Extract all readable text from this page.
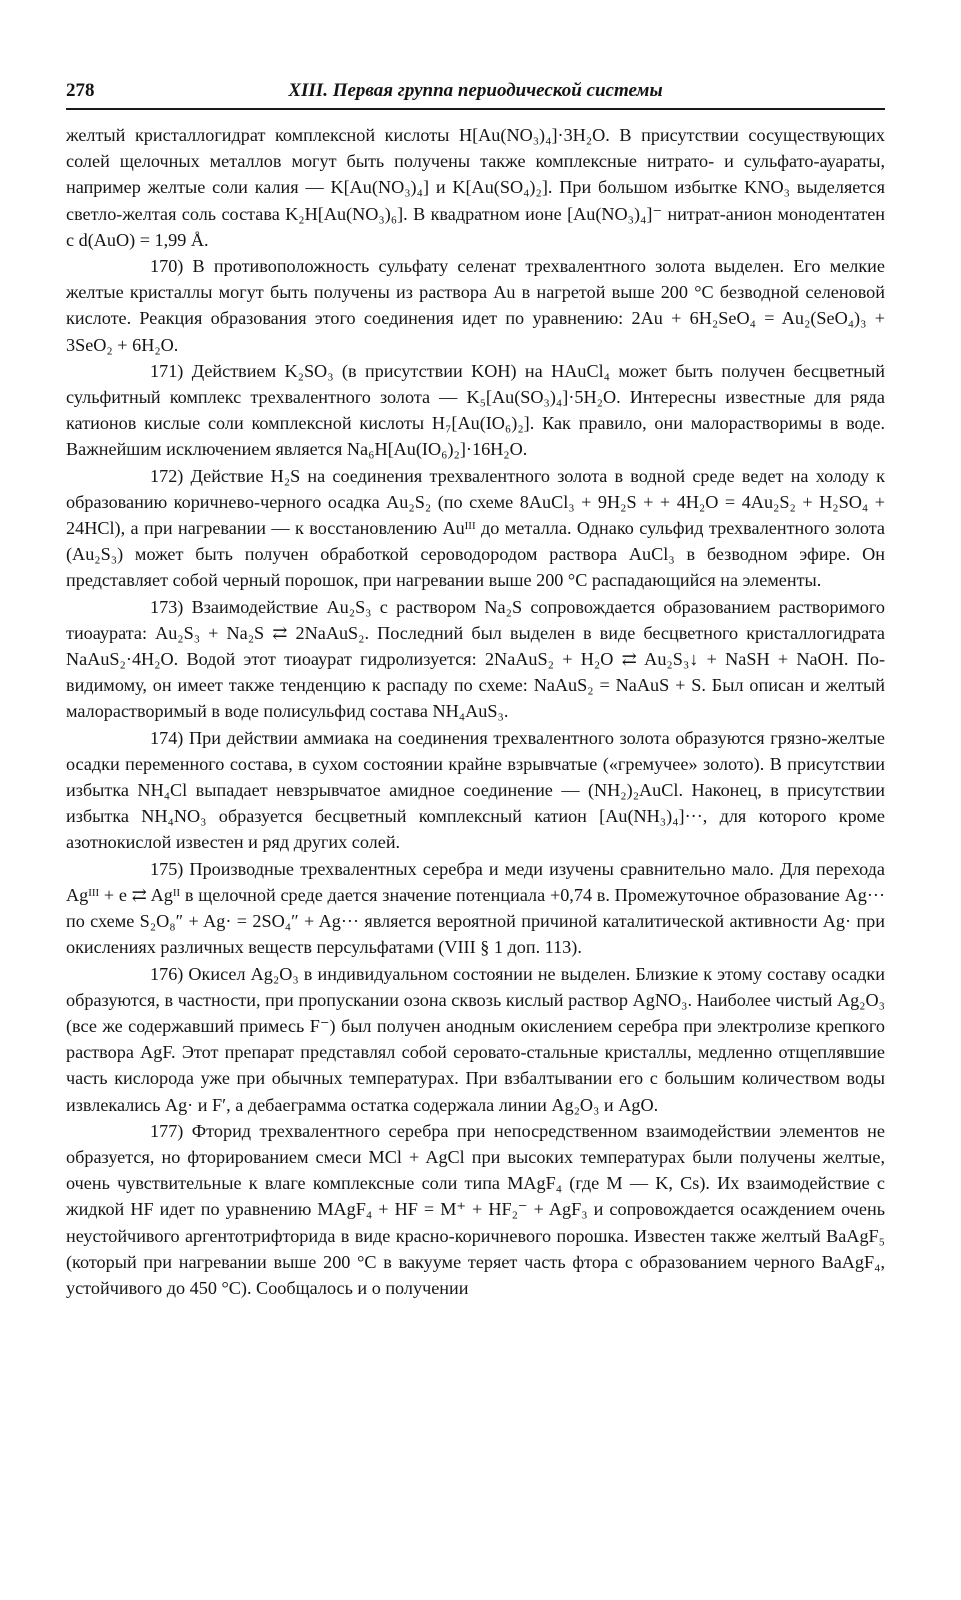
278	XIII. Первая группа периодической системы

желтый кристаллогидрат комплексной кислоты H[Au(NO₃)₄]·3H₂O. В присутствии сосуществующих солей щелочных металлов могут быть получены также комплексные нитрато- и сульфато-ауараты, например желтые соли калия — K[Au(NO₃)₄] и K[Au(SO₄)₂]. При большом избытке KNO₃ выделяется светло-желтая соль состава K₂H[Au(NO₃)₆]. В квадратном ионе [Au(NO₃)₄]⁻ нитрат-анион монодентатен с d(AuO) = 1,99 Å.

170) В противоположность сульфату селенат трехвалентного золота выделен. Его мелкие желтые кристаллы могут быть получены из раствора Au в нагретой выше 200 °C безводной селеновой кислоте. Реакция образования этого соединения идет по уравнению: 2Au + 6H₂SeO₄ = Au₂(SeO₄)₃ + 3SeO₂ + 6H₂O.

171) Действием K₂SO₃ (в присутствии KOH) на HAuCl₄ может быть получен бесцветный сульфитный комплекс трехвалентного золота — K₅[Au(SO₃)₄]·5H₂O. Интересны известные для ряда катионов кислые соли комплексной кислоты H₇[Au(IO₆)₂]. Как правило, они малорастворимы в воде. Важнейшим исключением является Na₆H[Au(IO₆)₂]·16H₂O.

172) Действие H₂S на соединения трехвалентного золота в водной среде ведет на холоду к образованию коричнево-черного осадка Au₂S₂ (по схеме 8AuCl₃ + 9H₂S + + 4H₂O = 4Au₂S₂ + H₂SO₄ + 24HCl), а при нагревании — к восстановлению Auᴵᴵᴵ до металла. Однако сульфид трехвалентного золота (Au₂S₃) может быть получен обработкой сероводородом раствора AuCl₃ в безводном эфире. Он представляет собой черный порошок, при нагревании выше 200 °C распадающийся на элементы.

173) Взаимодействие Au₂S₃ с раствором Na₂S сопровождается образованием растворимого тиоаурата: Au₂S₃ + Na₂S ⇄ 2NaAuS₂. Последний был выделен в виде бесцветного кристаллогидрата NaAuS₂·4H₂O. Водой этот тиоаурат гидролизуется: 2NaAuS₂ + H₂O ⇄ Au₂S₃↓ + NaSH + NaOH. По-видимому, он имеет также тенденцию к распаду по схеме: NaAuS₂ = NaAuS + S. Был описан и желтый малорастворимый в воде полисульфид состава NH₄AuS₃.

174) При действии аммиака на соединения трехвалентного золота образуются грязно-желтые осадки переменного состава, в сухом состоянии крайне взрывчатые («гремучее» золото). В присутствии избытка NH₄Cl выпадает невзрывчатое амидное соединение — (NH₂)₂AuCl. Наконец, в присутствии избытка NH₄NO₃ образуется бесцветный комплексный катион [Au(NH₃)₄]···, для которого кроме азотнокислой известен и ряд других солей.

175) Производные трехвалентных серебра и меди изучены сравнительно мало. Для перехода Agᴵᴵᴵ + e ⇄ Agᴵᴵ в щелочной среде дается значение потенциала +0,74 в. Промежуточное образование Ag··· по схеме S₂O₈″ + Ag· = 2SO₄″ + Ag··· является вероятной причиной каталитической активности Ag· при окислениях различных веществ персульфатами (VIII § 1 доп. 113).

176) Окисел Ag₂O₃ в индивидуальном состоянии не выделен. Близкие к этому составу осадки образуются, в частности, при пропускании озона сквозь кислый раствор AgNO₃. Наиболее чистый Ag₂O₃ (все же содержавший примесь F⁻) был получен анодным окислением серебра при электролизе крепкого раствора AgF. Этот препарат представлял собой серовато-стальные кристаллы, медленно отщеплявшие часть кислорода уже при обычных температурах. При взбалтывании его с большим количеством воды извлекались Ag· и F′, а дебаеграмма остатка содержала линии Ag₂O₃ и AgO.

177) Фторид трехвалентного серебра при непосредственном взаимодействии элементов не образуется, но фторированием смеси MCl + AgCl при высоких температурах были получены желтые, очень чувствительные к влаге комплексные соли типа MAgF₄ (где M — K, Cs). Их взаимодействие с жидкой HF идет по уравнению MAgF₄ + HF = M⁺ + HF₂⁻ + AgF₃ и сопровождается осаждением очень неустойчивого аргентотрифторида в виде красно-коричневого порошка. Известен также желтый BaAgF₅ (который при нагревании выше 200 °C в вакууме теряет часть фтора с образованием черного BaAgF₄, устойчивого до 450 °C). Сообщалось и о получении
